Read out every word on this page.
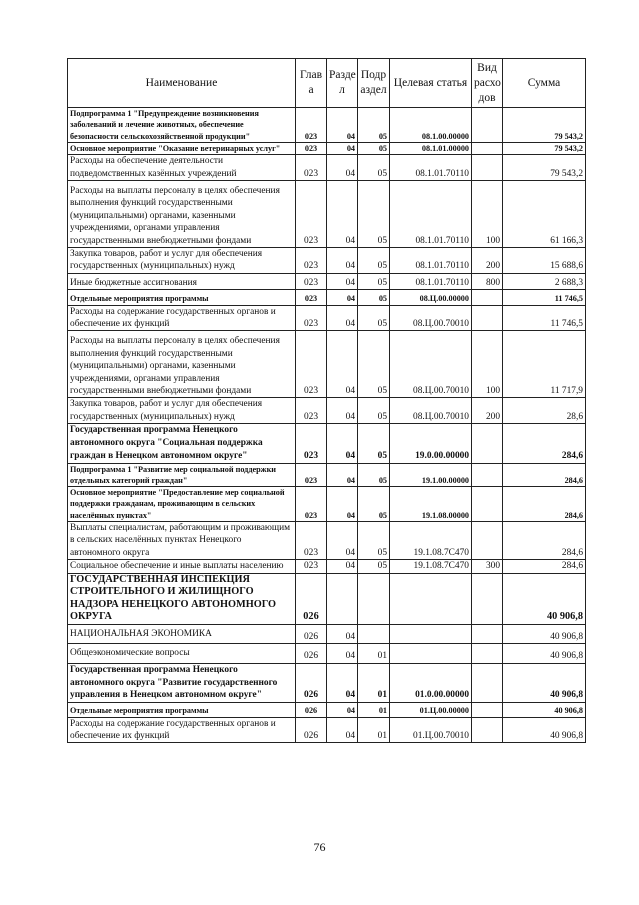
Наименование	Глав а	Разде л	Подр аздел	Целевая статья	Вид расхо дов	Сумма
Подпрограмма 1 "Предупреждение возникновения заболеваний и лечение животных, обеспечение безопасности сельскохозяйственной продукции"	023	04	05	08.1.00.00000		79 543,2
Основное мероприятие "Оказание ветеринарных услуг"	023	04	05	08.1.01.00000		79 543,2
Расходы на обеспечение деятельности подведомственных казённых учреждений	023	04	05	08.1.01.70110		79 543,2
Расходы на выплаты персоналу в целях обеспечения выполнения функций государственными (муниципальными) органами, казенными учреждениями, органами управления государственными внебюджетными фондами	023	04	05	08.1.01.70110	100	61 166,3
Закупка товаров, работ и услуг для обеспечения государственных (муниципальных) нужд	023	04	05	08.1.01.70110	200	15 688,6
Иные бюджетные ассигнования	023	04	05	08.1.01.70110	800	2 688,3
Отдельные мероприятия программы	023	04	05	08.Ц.00.00000		11 746,5
Расходы на содержание государственных органов и обеспечение их функций	023	04	05	08.Ц.00.70010		11 746,5
Расходы на выплаты персоналу в целях обеспечения выполнения функций государственными (муниципальными) органами, казенными учреждениями, органами управления государственными внебюджетными фондами	023	04	05	08.Ц.00.70010	100	11 717,9
Закупка товаров, работ и услуг для обеспечения государственных (муниципальных) нужд	023	04	05	08.Ц.00.70010	200	28,6
Государственная программа Ненецкого автономного округа "Социальная поддержка граждан в Ненецком автономном округе"	023	04	05	19.0.00.00000		284,6
Подпрограмма 1 "Развитие мер социальной поддержки отдельных категорий граждан"	023	04	05	19.1.00.00000		284,6
Основное мероприятие "Предоставление мер социальной поддержки гражданам, проживающим в сельских населённых пунктах"	023	04	05	19.1.08.00000		284,6
Выплаты специалистам, работающим и проживающим в сельских населённых пунктах Ненецкого автономного округа	023	04	05	19.1.08.7С470		284,6
Социальное обеспечение и иные выплаты населению	023	04	05	19.1.08.7С470	300	284,6
ГОСУДАРСТВЕННАЯ ИНСПЕКЦИЯ СТРОИТЕЛЬНОГО И ЖИЛИЩНОГО НАДЗОРА НЕНЕЦКОГО АВТОНОМНОГО ОКРУГА	026					40 906,8
НАЦИОНАЛЬНАЯ ЭКОНОМИКА	026	04				40 906,8
Общеэкономические вопросы	026	04	01			40 906,8
Государственная программа Ненецкого автономного округа "Развитие государственного управления в Ненецком автономном округе"	026	04	01	01.0.00.00000		40 906,8
Отдельные мероприятия программы	026	04	01	01.Ц.00.00000		40 906,8
Расходы на содержание государственных органов и обеспечение их функций	026	04	01	01.Ц.00.70010		40 906,8
76
